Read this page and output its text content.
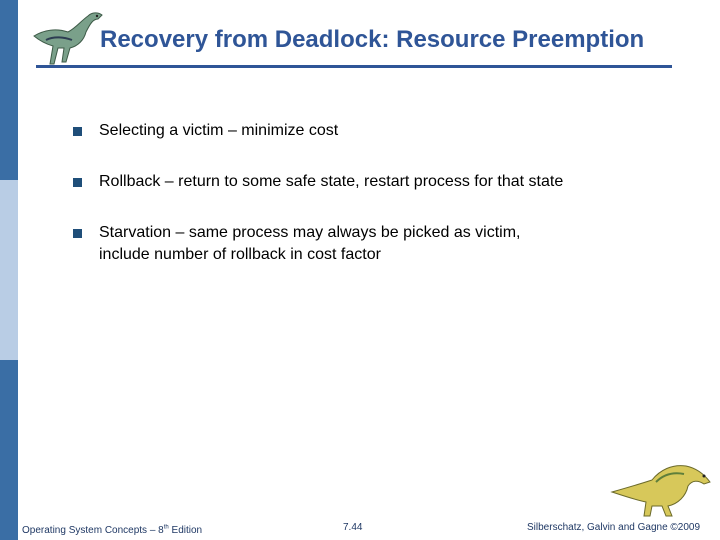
Recovery from Deadlock: Resource Preemption
Selecting a victim – minimize cost
Rollback – return to some safe state, restart process for that state
Starvation – same process may always be picked as victim,
include number of rollback in cost factor
Operating System Concepts – 8th Edition	7.44	Silberschatz, Galvin and Gagne ©2009
